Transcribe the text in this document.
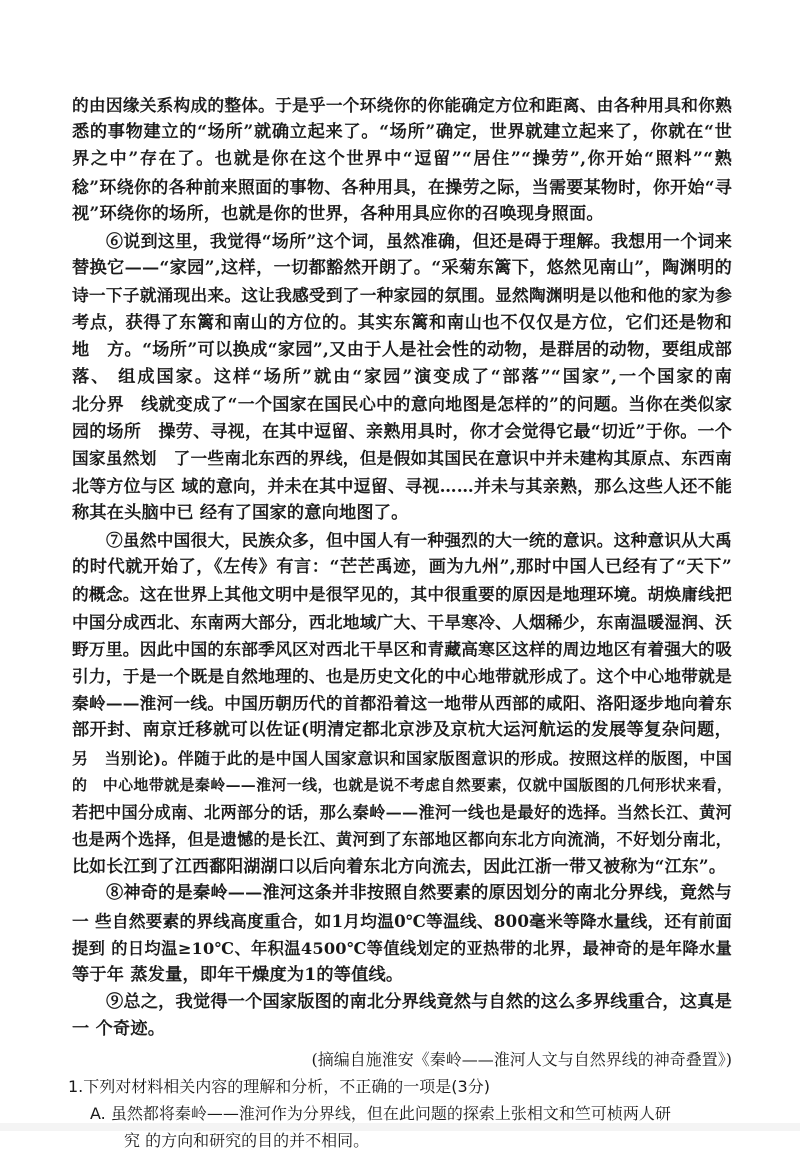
的由因缘关系构成的整体。于是乎一个环绕你的你能确定方位和距离、由各种用具和你熟
悉的事物建立的“场所”就确立起来了。“场所”确定，世界就建立起来了，你就在“世
界之中”存在了。也就是你在这个世界中“逗留”“居住”“操劳”,你开始“照料”“熟
稔”环绕你的各种前来照面的事物、各种用具，在操劳之际，当需要某物时，你开始“寻
视”环绕你的场所，也就是你的世界，各种用具应你的召唤现身照面。
⑥说到这里，我觉得“场所”这个词，虽然准确，但还是碍于理解。我想用一个词来
替换它——“家园”,这样，一切都豁然开朗了。“采菊东篱下，悠然见南山”，陶渊明的
诗一下子就涌现出来。这让我感受到了一种家园的氛围。显然陶渊明是以他和他的家为参
考点，获得了东篱和南山的方位的。其实东篱和南山也不仅仅是方位，它们还是物和
地　方。“场所”可以换成“家园”,又由于人是社会性的动物，是群居的动物，要组成部
落、 组成国家。这样“场所”就由“家园”演变成了“部落”“国家”,一个国家的南
北分界　线就变成了“一个国家在国民心中的意向地图是怎样的”的问题。当你在类似家
园的场所　操劳、寻视，在其中逗留、亲熟用具时，你才会觉得它最“切近”于你。一个
国家虽然划　了一些南北东西的界线，但是假如其国民在意识中并未建构其原点、东西南
北等方位与区 域的意向，并未在其中逗留、寻视……并未与其亲熟，那么这些人还不能
称其在头脑中已 经有了国家的意向地图了。
⑦虽然中国很大，民族众多，但中国人有一种强烈的大一统的意识。这种意识从大禹
的时代就开始了，《左传》有言：“芒芒禹迹，画为九州”,那时中国人已经有了“天下”
的概念。这在世界上其他文明中是很罕见的，其中很重要的原因是地理环境。胡焕庸线把
中国分成西北、东南两大部分，西北地域广大、干旱寒冷、人烟稀少，东南温暖湿润、沃
野万里。因此中国的东部季风区对西北干旱区和青藏高寒区这样的周边地区有着强大的吸
引力，于是一个既是自然地理的、也是历史文化的中心地带就形成了。这个中心地带就是
秦岭——淮河一线。中国历朝历代的首都沿着这一地带从西部的咸阳、洛阳逐步地向着东
部开封、南京迁移就可以佐证(明清定都北京涉及京杭大运河航运的发展等复杂问题，
另　当别论)。伴随于此的是中国人国家意识和国家版图意识的形成。按照这样的版图，中国
的　中心地带就是秦岭——淮河一线，也就是说不考虑自然要素，仅就中国版图的几何形状来看，
若把中国分成南、北两部分的话，那么秦岭——淮河一线也是最好的选择。当然长江、黄河
也是两个选择，但是遗憾的是长江、黄河到了东部地区都向东北方向流淌，不好划分南北，
比如长江到了江西鄱阳湖湖口以后向着东北方向流去，因此江浙一带又被称为“江东”。
⑧神奇的是秦岭——淮河这条并非按照自然要素的原因划分的南北分界线，竟然与
一 些自然要素的界线高度重合，如1月均温0℃等温线、800毫米等降水量线，还有前面
提到 的日均温≥10℃、年积温4500℃等值线划定的亚热带的北界，最神奇的是年降水量
等于年 蒸发量，即年干燥度为1的等值线。
⑨总之，我觉得一个国家版图的南北分界线竟然与自然的这么多界线重合，这真是
一 个奇迹。
(摘编自施淮安《秦岭——淮河人文与自然界线的神奇叠置》)
1.下列对材料相关内容的理解和分析，不正确的一项是(3分)
A. 虽然都将秦岭——淮河作为分界线，但在此问题的探索上张相文和竺可桢两人研
究 的方向和研究的目的并不相同。
